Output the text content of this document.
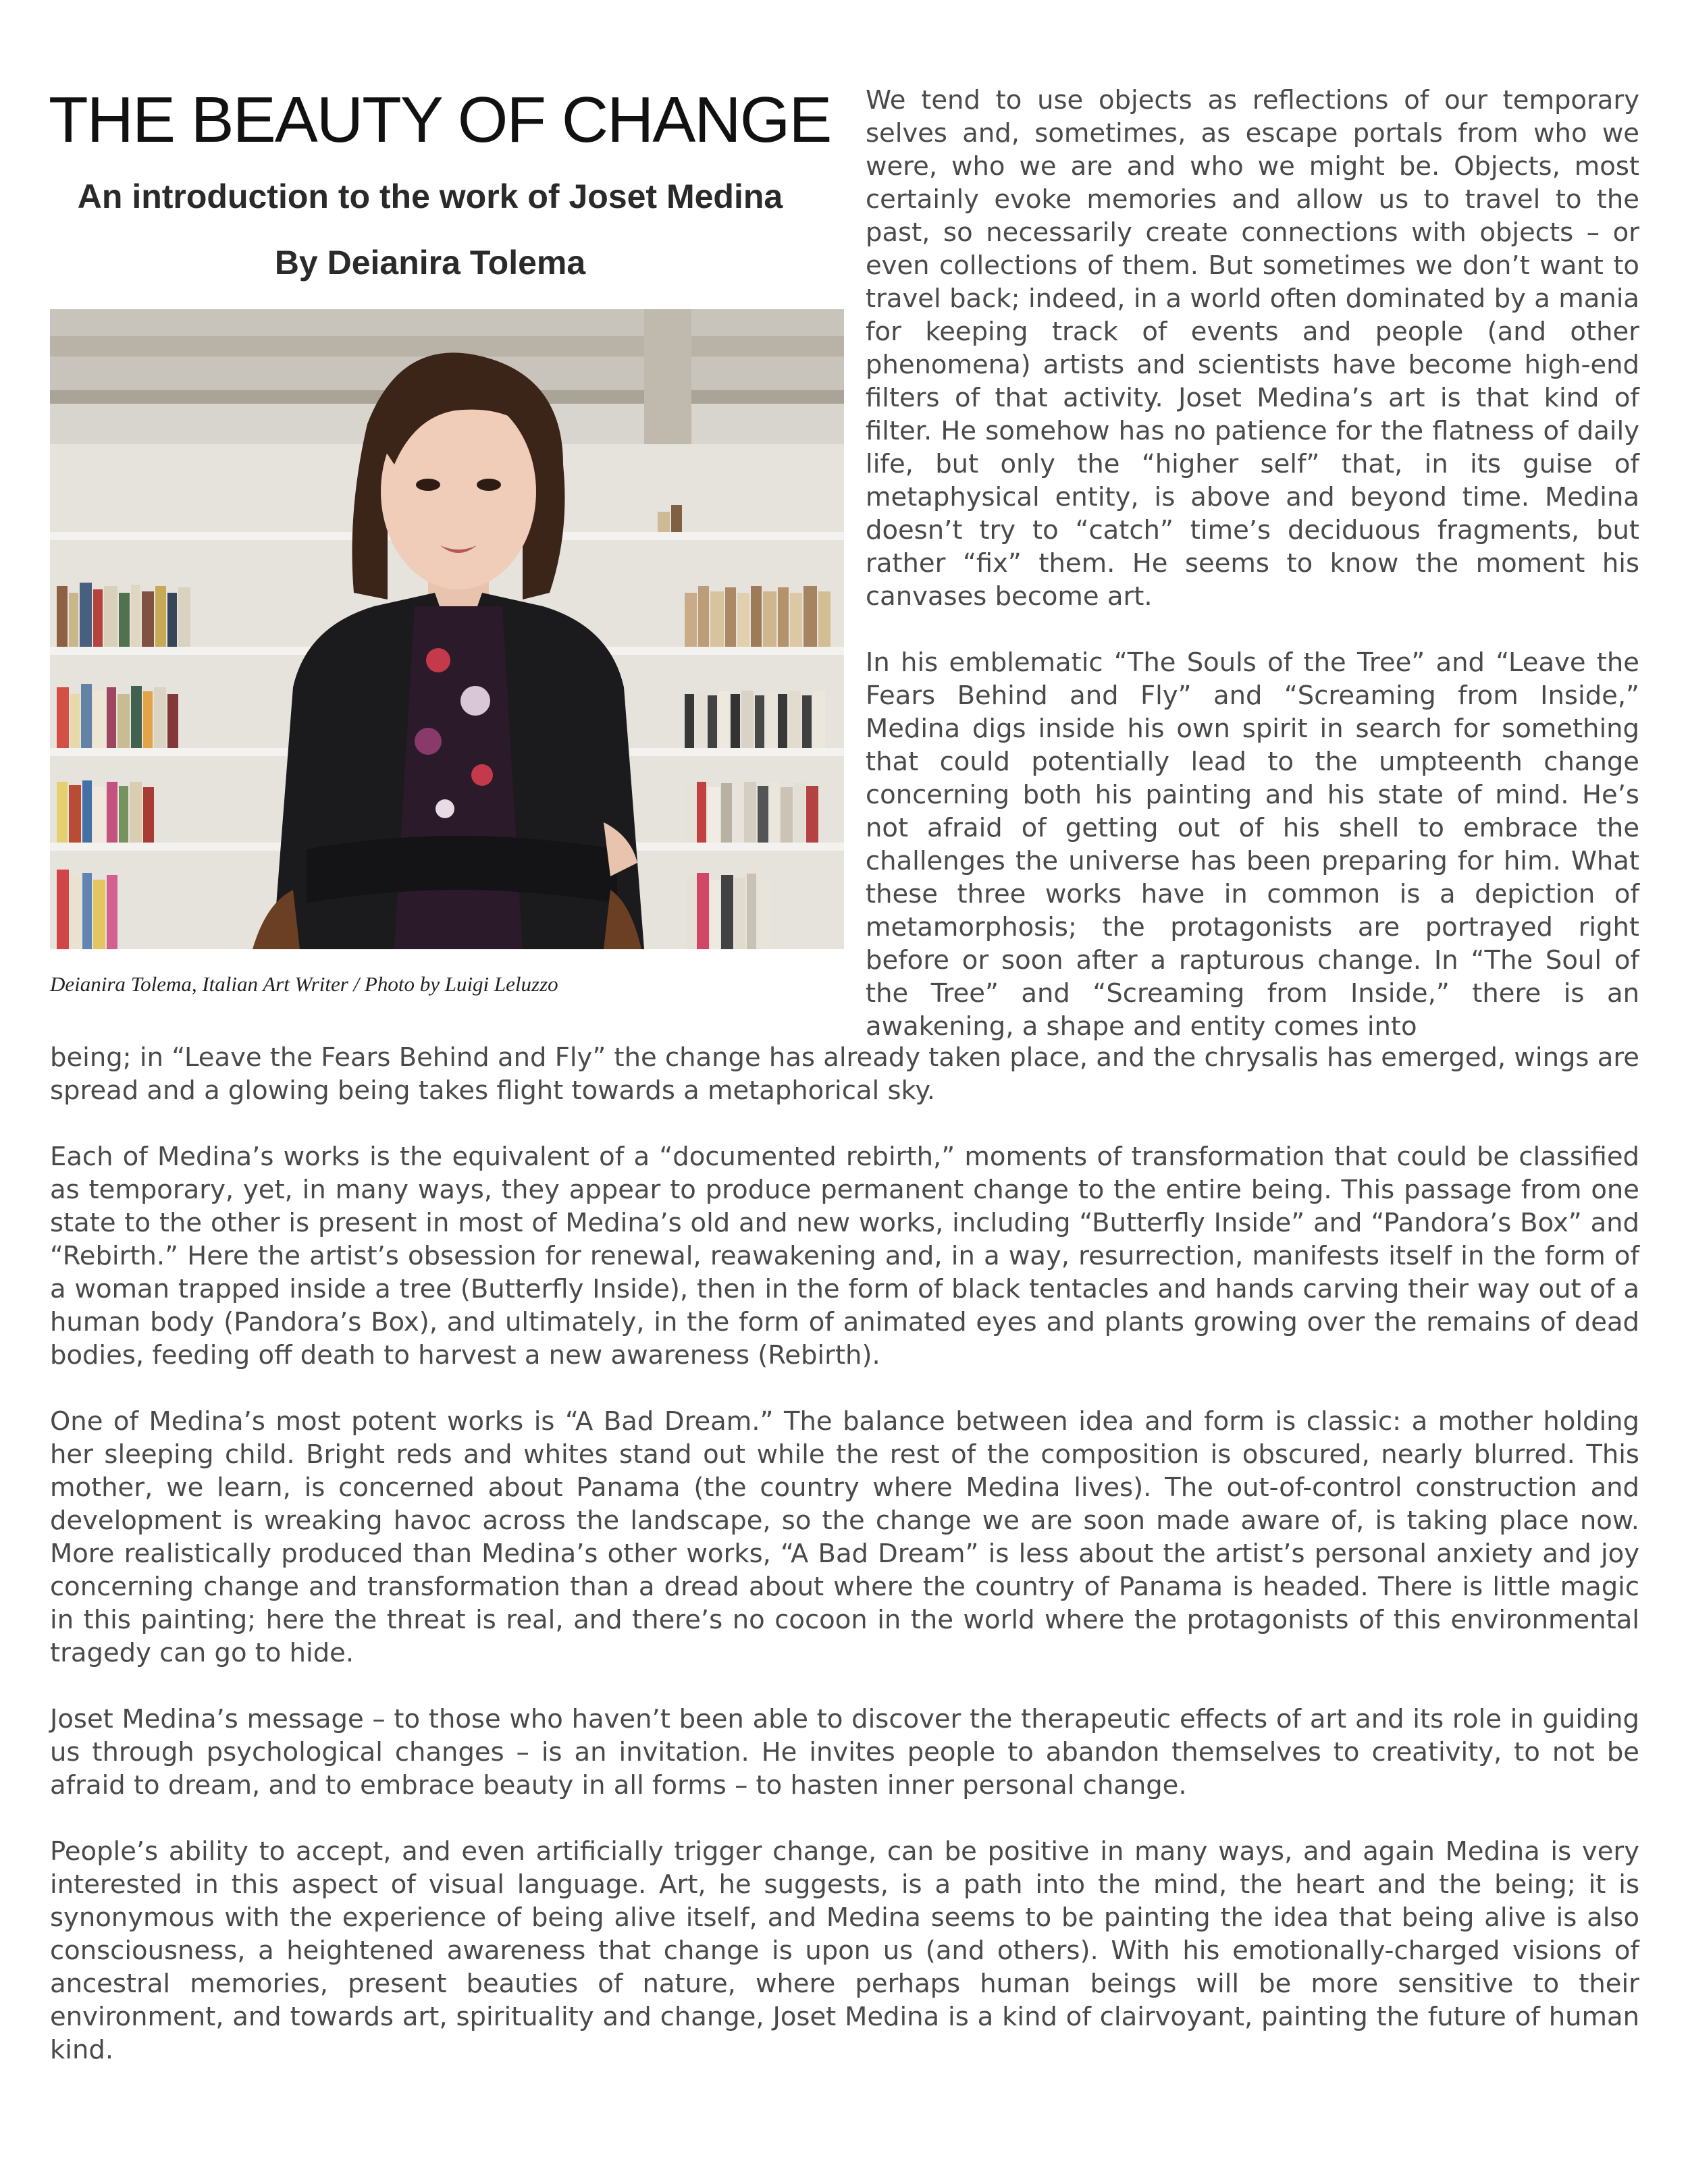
THE BEAUTY OF CHANGE
An introduction to the work of Joset Medina
By Deianira Tolema

Deianira Tolema, Italian Art Writer / Photo by Luigi Leluzzo

We tend to use objects as reflections of our temporary selves and, sometimes, as escape portals from who we were, who we are and who we might be. Objects, most certainly evoke memories and allow us to travel to the past, so necessarily create connections with objects – or even collections of them. But sometimes we don’t want to travel back; indeed, in a world often dominated by a mania for keeping track of events and people (and other phenomena) artists and scientists have become high-end filters of that activity. Joset Medina’s art is that kind of filter. He somehow has no patience for the flatness of daily life, but only the “higher self” that, in its guise of metaphysical entity, is above and beyond time. Medina doesn’t try to “catch” time’s deciduous fragments, but rather “fix” them. He seems to know the moment his canvases become art.

In his emblematic “The Souls of the Tree” and “Leave the Fears Behind and Fly” and “Screaming from Inside,” Medina digs inside his own spirit in search for something that could potentially lead to the umpteenth change concerning both his painting and his state of mind. He’s not afraid of getting out of his shell to embrace the challenges the universe has been preparing for him. What these three works have in common is a depiction of metamorphosis; the protagonists are portrayed right before or soon after a rapturous change. In “The Soul of the Tree” and “Screaming from Inside,” there is an awakening, a shape and entity comes into

being; in “Leave the Fears Behind and Fly” the change has already taken place, and the chrysalis has emerged, wings are spread and a glowing being takes flight towards a metaphorical sky.

Each of Medina’s works is the equivalent of a “documented rebirth,” moments of transformation that could be classified as temporary, yet, in many ways, they appear to produce permanent change to the entire being. This passage from one state to the other is present in most of Medina’s old and new works, including “Butterfly Inside” and “Pandora’s Box” and “Rebirth.” Here the artist’s obsession for renewal, reawakening and, in a way, resurrection, manifests itself in the form of a woman trapped inside a tree (Butterfly Inside), then in the form of black tentacles and hands carving their way out of a human body (Pandora’s Box), and ultimately, in the form of animated eyes and plants growing over the remains of dead bodies, feeding off death to harvest a new awareness (Rebirth).

One of Medina’s most potent works is “A Bad Dream.” The balance between idea and form is classic: a mother holding her sleeping child. Bright reds and whites stand out while the rest of the composition is obscured, nearly blurred. This mother, we learn, is concerned about Panama (the country where Medina lives). The out-of-control construction and development is wreaking havoc across the landscape, so the change we are soon made aware of, is taking place now. More realistically produced than Medina’s other works, “A Bad Dream” is less about the artist’s personal anxiety and joy concerning change and transformation than a dread about where the country of Panama is headed. There is little magic in this painting; here the threat is real, and there’s no cocoon in the world where the protagonists of this environmental tragedy can go to hide.

Joset Medina’s message – to those who haven’t been able to discover the therapeutic effects of art and its role in guiding us through psychological changes – is an invitation. He invites people to abandon themselves to creativity, to not be afraid to dream, and to embrace beauty in all forms – to hasten inner personal change.

People’s ability to accept, and even artificially trigger change, can be positive in many ways, and again Medina is very interested in this aspect of visual language. Art, he suggests, is a path into the mind, the heart and the being; it is synonymous with the experience of being alive itself, and Medina seems to be painting the idea that being alive is also consciousness, a heightened awareness that change is upon us (and others). With his emotionally-charged visions of ancestral memories, present beauties of nature, where perhaps human beings will be more sensitive to their environment, and towards art, spirituality and change, Joset Medina is a kind of clairvoyant, painting the future of human kind.
